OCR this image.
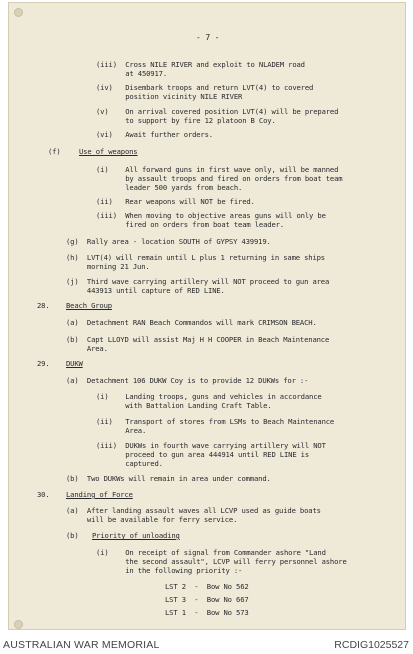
- 7 -
(iii)  Cross NILE RIVER and exploit to NLADEM road
at 450917.
(iv)   Disembark troops and return LVT(4) to covered
position vicinity NILE RIVER
(v)    On arrival covered position LVT(4) will be prepared
to support by fire 12 platoon B Coy.
(vi)   Await further orders.
(f)	Use of weapons
(i)    All forward guns in first wave only, will be manned
by assault troops and fired on orders from boat team
leader 500 yards from beach.
(ii)   Rear weapons will NOT be fired.
(iii)  When moving to objective areas guns will only be
fired on orders from boat team leader.
(g)  Rally area - location SOUTH of GYPSY 439919.
(h)  LVT(4) will remain until L plus 1 returning in same ships
morning 21 Jun.
(j)  Third wave carrying artillery will NOT proceed to gun area
443913 until capture of RED LINE.
28. Beach Group
(a)  Detachment RAN Beach Commandos will mark CRIMSON BEACH.
(b)  Capt LLOYD will assist Maj H H COOPER in Beach Maintenance
Area.
29. DUKW
(a)  Detachment 106 DUKW Coy is to provide 12 DUKWs for :-
(i)    Landing troops, guns and vehicles in accordance
with Battalion Landing Craft Table.
(ii)   Transport of stores from LSMs to Beach Maintenance
Area.
(iii)  DUKWs in fourth wave carrying artillery will NOT
proceed to gun area 444914 until RED LINE is
captured.
(b)  Two DUKWs will remain in area under command.
30. Landing of Force
(a)  After landing assault waves all LCVP used as guide boats
will be available for ferry service.
(b) Priority of unloading
(i)    On receipt of signal from Commander ashore "Land
the second assault", LCVP will ferry personnel ashore
in the following priority :-
LST 2  -  Bow No 562
LST 3  -  Bow No 667
LST 1  -  Bow No 573
AUSTRALIAN WAR MEMORIAL	RCDIG1025527
